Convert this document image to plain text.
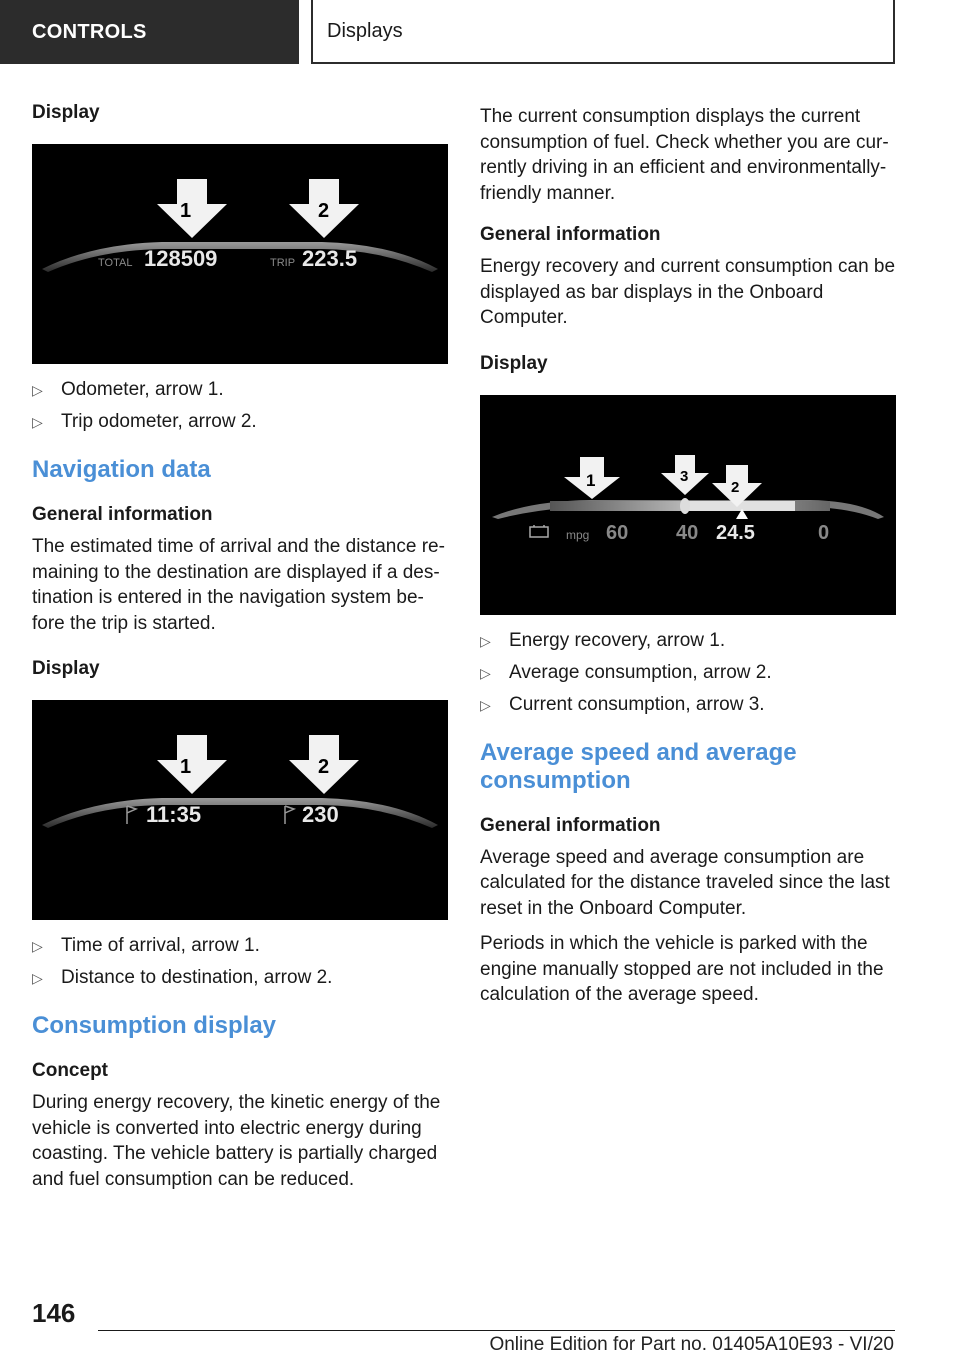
CONTROLS	Displays
Display
1	2
TOTAL 128509	TRIP 223.5
▷ Odometer, arrow 1.
▷ Trip odometer, arrow 2.
Navigation data
General information

The estimated time of arrival and the distance re-maining to the destination are displayed if a des-tination is entered in the navigation system be-fore the trip is started.

Display
1	2
11:35	230
▷ Time of arrival, arrow 1.
▷ Distance to destination, arrow 2.
Consumption display
Concept

During energy recovery, the kinetic energy of the vehicle is converted into electric energy during coasting. The vehicle battery is partially charged and fuel consumption can be reduced.

The current consumption displays the current consumption of fuel. Check whether you are cur-rently driving in an efficient and environmentally-friendly manner.

General information

Energy recovery and current consumption can be displayed as bar displays in the Onboard Computer.

Display
1	3
2
mpg 60 40 24.5	0
▷ Energy recovery, arrow 1.
▷ Average consumption, arrow 2.
▷ Current consumption, arrow 3.
Average speed and average consumption
General information

Average speed and average consumption are calculated for the distance traveled since the last reset in the Onboard Computer.

Periods in which the vehicle is parked with the engine manually stopped are not included in the calculation of the average speed.

146
Online Edition for Part no. 01405A10E93 - VI/20
